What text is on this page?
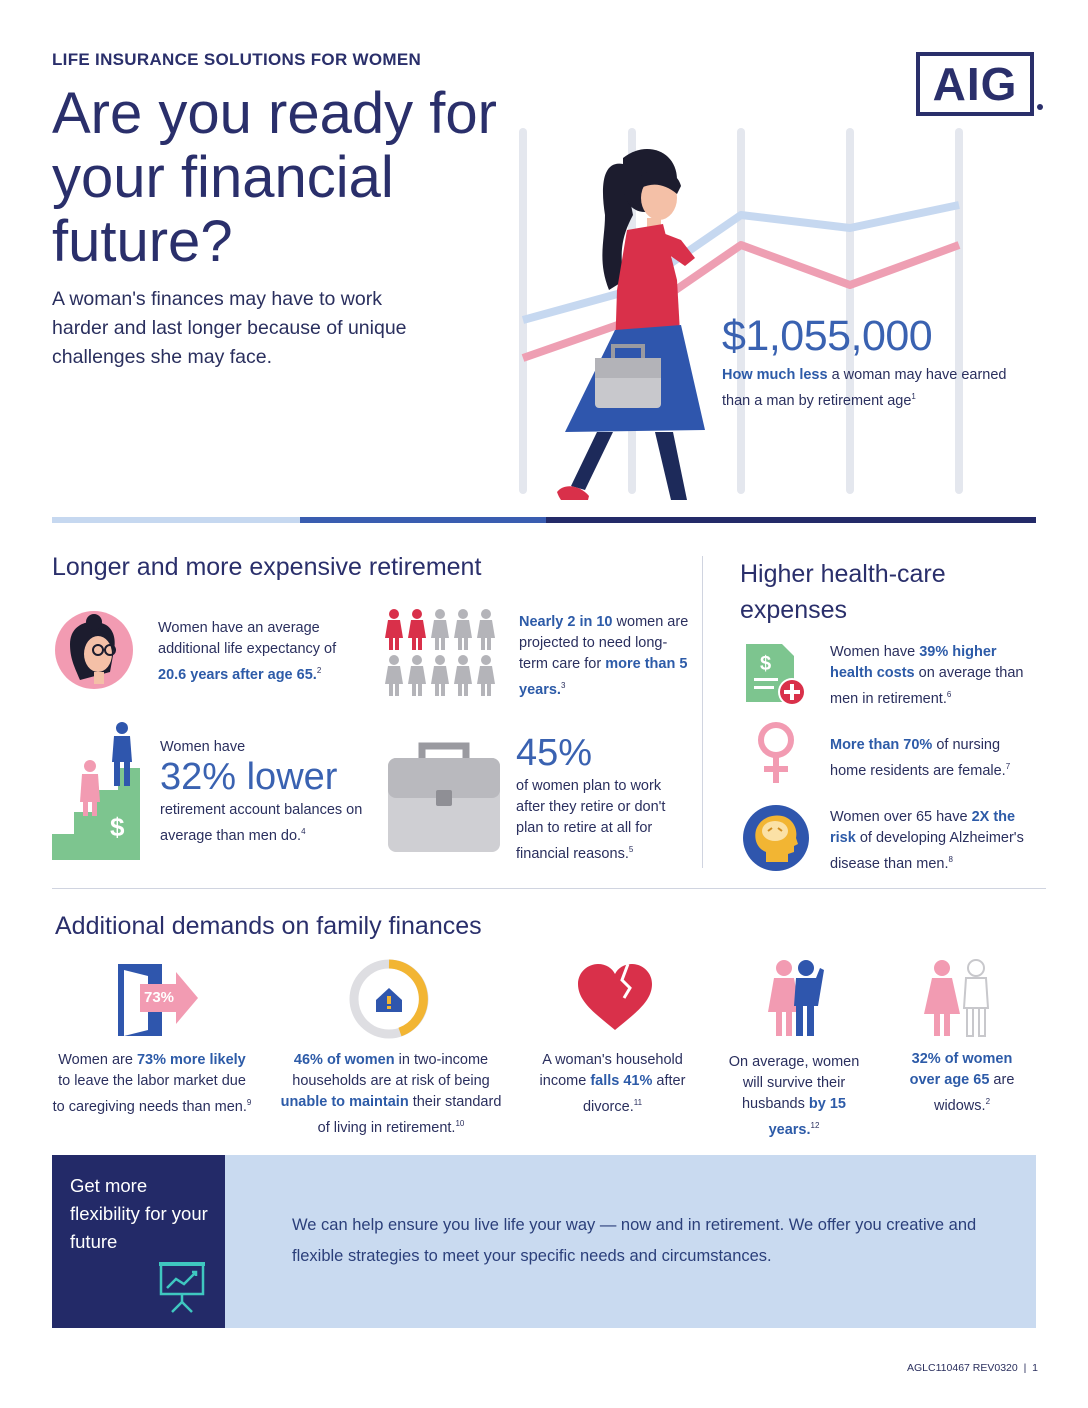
LIFE INSURANCE SOLUTIONS FOR WOMEN
Are you ready for your financial future?
A woman's finances may have to work harder and last longer because of unique challenges she may face.
AIG
$1,055,000
How much less a woman may have earned than a man by retirement age$^1$
Longer and more expensive retirement
Women have an average additional life expectancy of 20.6 years after age 65.$^2$
Nearly 2 in 10 women are projected to need long-term care for more than 5 years.$^3$
$
Women have
32% lower
retirement account balances on average than men do.$^4$
45%
of women plan to work after they retire or don't plan to retire at all for financial reasons.$^5$
Higher health-care expenses
$
Women have 39% higher health costs on average than men in retirement.$^6$
More than 70% of nursing home residents are female.$^7$
Women over 65 have 2X the risk of developing Alzheimer's disease than men.$^8$
Additional demands on family finances
73%
Women are 73% more likely to leave the labor market due to caregiving needs than men.$^9$
46% of women in two-income households are at risk of being unable to maintain their standard of living in retirement.$^{10}$
A woman's household income falls 41% after divorce.$^{11}$
On average, women will survive their husbands by 15 years.$^{12}$
32% of women over age 65 are widows.$^2$
Get more flexibility for your future
We can help ensure you live life your way — now and in retirement. We offer you creative and flexible strategies to meet your specific needs and circumstances.
AGLC110467 REV0320 | 1
